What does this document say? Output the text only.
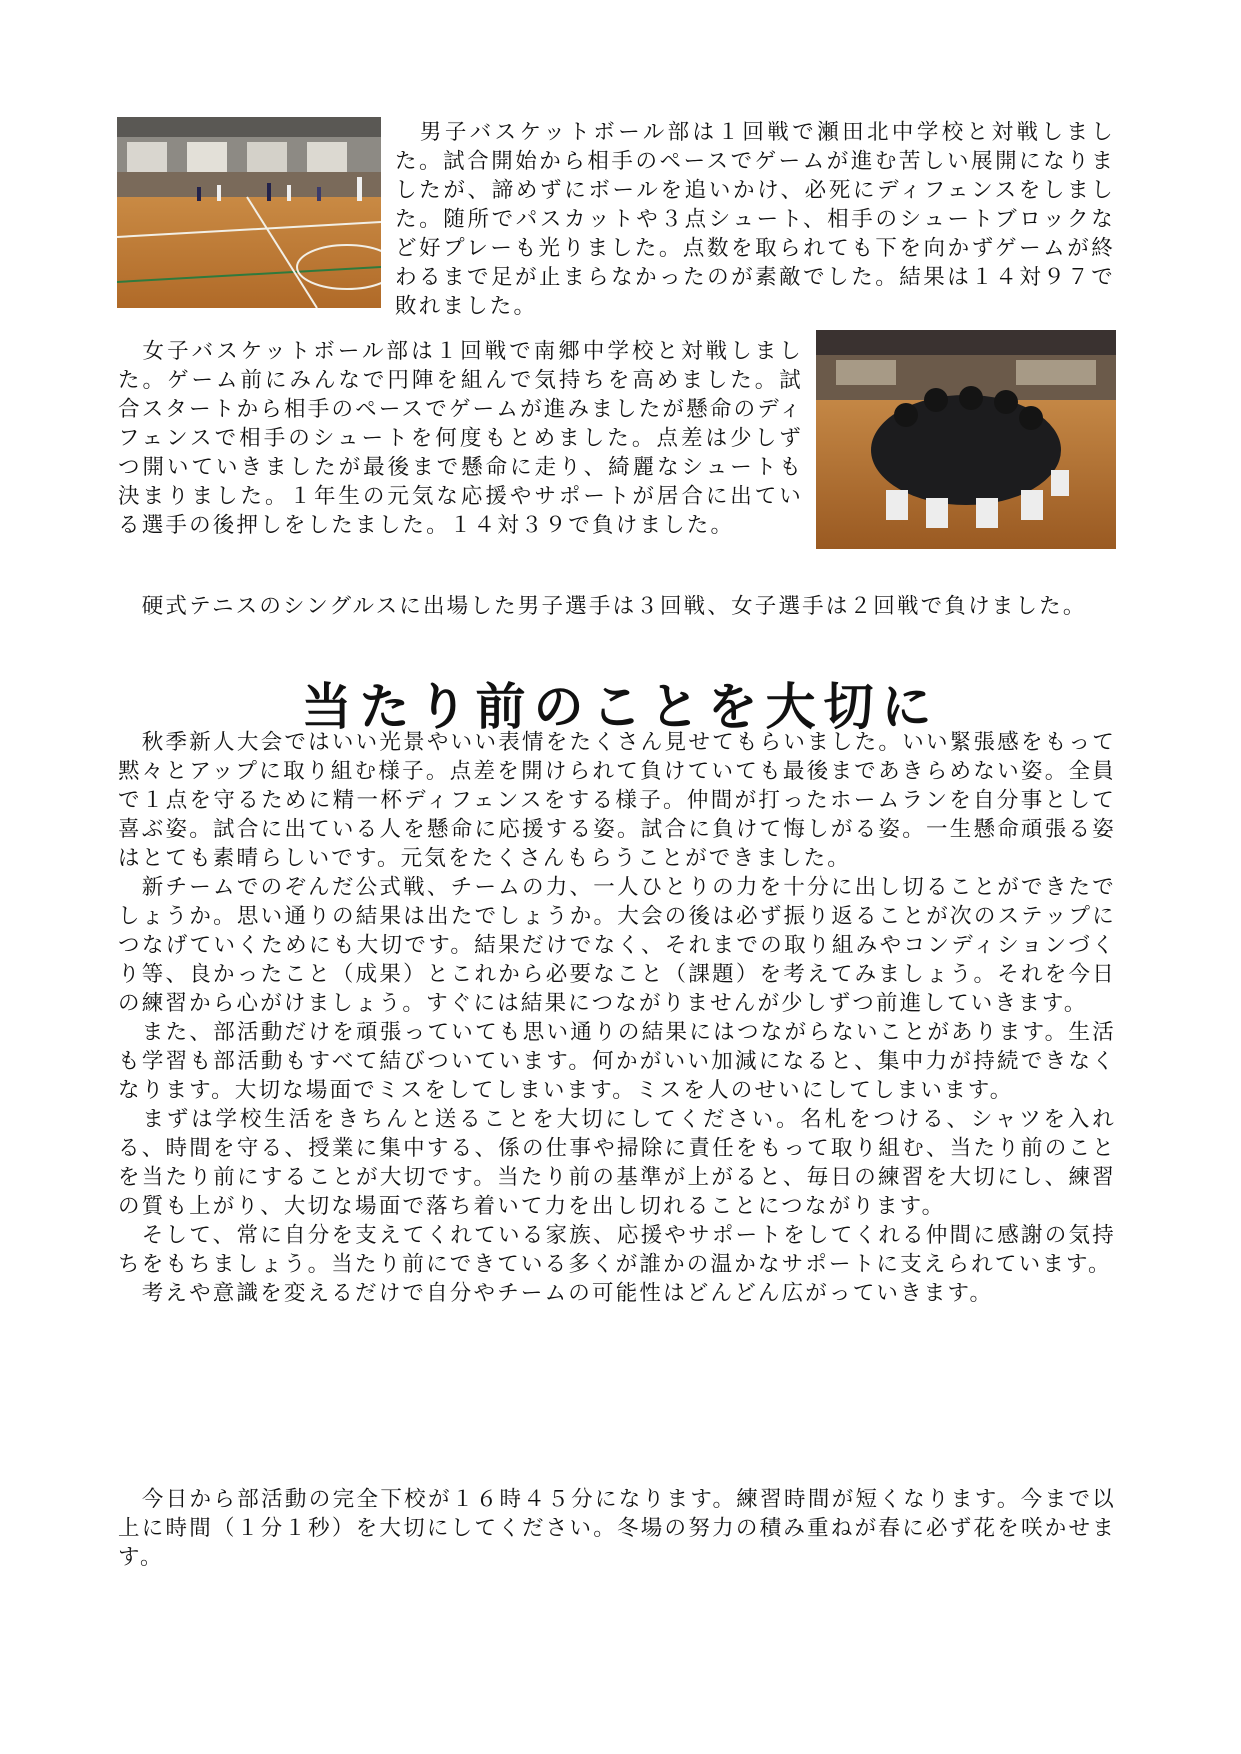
　男子バスケットボール部は１回戦で瀬田北中学校と対戦しました。試合開始から相手のペースでゲームが進む苦しい展開になりましたが、諦めずにボールを追いかけ、必死にディフェンスをしました。随所でパスカットや３点シュート、相手のシュートブロックなど好プレーも光りました。点数を取られても下を向かずゲームが終わるまで足が止まらなかったのが素敵でした。結果は１４対９７で敗れました。
　女子バスケットボール部は１回戦で南郷中学校と対戦しました。ゲーム前にみんなで円陣を組んで気持ちを高めました。試合スタートから相手のペースでゲームが進みましたが懸命のディフェンスで相手のシュートを何度もとめました。点差は少しずつ開いていきましたが最後まで懸命に走り、綺麗なシュートも決まりました。１年生の元気な応援やサポートが居合に出ている選手の後押しをしたました。１４対３９で負けました。
　硬式テニスのシングルスに出場した男子選手は３回戦、女子選手は２回戦で負けました。
当たり前のことを大切に

　秋季新人大会ではいい光景やいい表情をたくさん見せてもらいました。いい緊張感をもって黙々とアップに取り組む様子。点差を開けられて負けていても最後まであきらめない姿。全員で１点を守るために精一杯ディフェンスをする様子。仲間が打ったホームランを自分事として喜ぶ姿。試合に出ている人を懸命に応援する姿。試合に負けて悔しがる姿。一生懸命頑張る姿はとても素晴らしいです。元気をたくさんもらうことができました。

　新チームでのぞんだ公式戦、チームの力、一人ひとりの力を十分に出し切ることができたでしょうか。思い通りの結果は出たでしょうか。大会の後は必ず振り返ることが次のステップにつなげていくためにも大切です。結果だけでなく、それまでの取り組みやコンディションづくり等、良かったこと（成果）とこれから必要なこと（課題）を考えてみましょう。それを今日の練習から心がけましょう。すぐには結果につながりませんが少しずつ前進していきます。

　また、部活動だけを頑張っていても思い通りの結果にはつながらないことがあります。生活も学習も部活動もすべて結びついています。何かがいい加減になると、集中力が持続できなくなります。大切な場面でミスをしてしまいます。ミスを人のせいにしてしまいます。

　まずは学校生活をきちんと送ることを大切にしてください。名札をつける、シャツを入れる、時間を守る、授業に集中する、係の仕事や掃除に責任をもって取り組む、当たり前のことを当たり前にすることが大切です。当たり前の基準が上がると、毎日の練習を大切にし、練習の質も上がり、大切な場面で落ち着いて力を出し切れることにつながります。

　そして、常に自分を支えてくれている家族、応援やサポートをしてくれる仲間に感謝の気持ちをもちましょう。当たり前にできている多くが誰かの温かなサポートに支えられています。

　考えや意識を変えるだけで自分やチームの可能性はどんどん広がっていきます。

　今日から部活動の完全下校が１６時４５分になります。練習時間が短くなります。今まで以上に時間（１分１秒）を大切にしてください。冬場の努力の積み重ねが春に必ず花を咲かせます。
